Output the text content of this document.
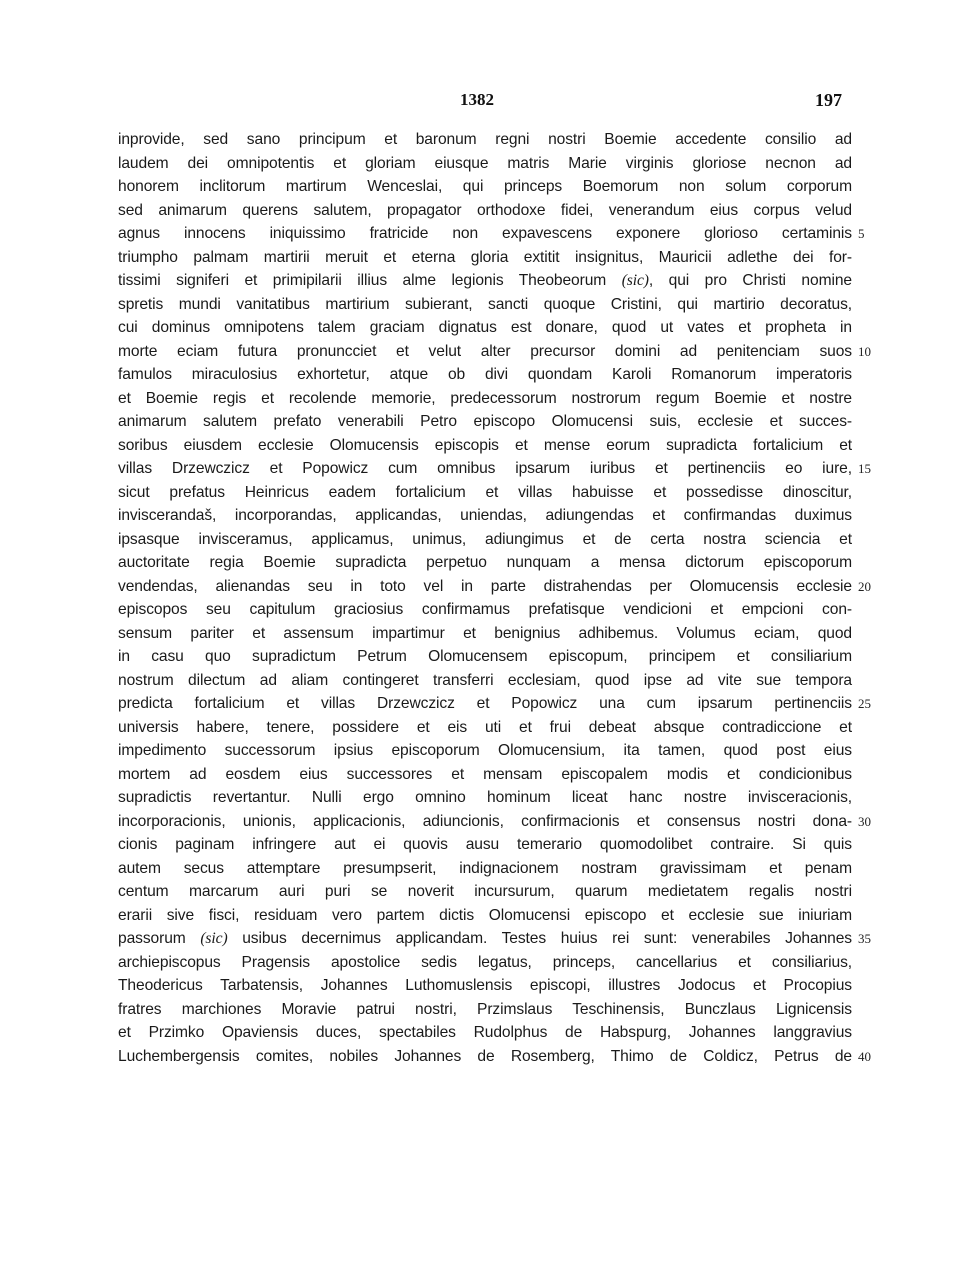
1382	197
inprovide, sed sano principum et baronum regni nostri Boemie accedente consilio ad
laudem dei omnipotentis et gloriam eiusque matris Marie virginis gloriose necnon ad
honorem inclitorum martirum Wenceslai, qui princeps Boemorum non solum corporum
sed animarum querens salutem, propagator orthodoxe fidei, venerandum eius corpus velud
agnus innocens iniquissimo fratricide non expavescens exponere glorioso certaminis
triumpho palmam martirii meruit et eterna gloria extitit insignitus, Mauricii adlethe dei for-
tissimi signiferi et primipilarii illius alme legionis Theobeorum (sic), qui pro Christi nomine
spretis mundi vanitatibus martirium subierant, sancti quoque Cristini, qui martirio decoratus,
cui dominus omnipotens talem graciam dignatus est donare, quod ut vates et propheta in
morte eciam futura pronuncciet et velut alter precursor domini ad penitenciam suos
famulos miraculosius exhortetur, atque ob divi quondam Karoli Romanorum imperatoris
et Boemie regis et recolende memorie, predecessorum nostrorum regum Boemie et nostre
animarum salutem prefato venerabili Petro episcopo Olomucensi suis, ecclesie et succes-
soribus eiusdem ecclesie Olomucensis episcopis et mense eorum supradicta fortalicium et
villas Drzewczicz et Popowicz cum omnibus ipsarum iuribus et pertinenciis eo iure,
sicut prefatus Heinricus eadem fortalicium et villas habuisse et possedisse dinoscitur,
inviscerandaš, incorporandas, applicandas, uniendas, adiungendas et confirmandas duximus
ipsasque invisceramus, applicamus, unimus, adiungimus et de certa nostra sciencia et
auctoritate regia Boemie supradicta perpetuo nunquam a mensa dictorum episcoporum
vendendas, alienandas seu in toto vel in parte distrahendas per Olomucensis ecclesie
episcopos seu capitulum graciosius confirmamus prefatisque vendicioni et empcioni con-
sensum pariter et assensum impartimur et benignius adhibemus. Volumus eciam, quod
in casu quo supradictum Petrum Olomucensem episcopum, principem et consiliarium
nostrum dilectum ad aliam contingeret transferri ecclesiam, quod ipse ad vite sue tempora
predicta fortalicium et villas Drzewczicz et Popowicz una cum ipsarum pertinenciis
universis habere, tenere, possidere et eis uti et frui debeat absque contradiccione et
impedimento successorum ipsius episcoporum Olomucensium, ita tamen, quod post eius
mortem ad eosdem eius successores et mensam episcopalem modis et condicionibus
supradictis revertantur. Nulli ergo omnino hominum liceat hanc nostre invisceracionis,
incorporacionis, unionis, applicacionis, adiuncionis, confirmacionis et consensus nostri dona-
cionis paginam infringere aut ei quovis ausu temerario quomodolibet contraire. Si quis
autem secus attemptare presumpserit, indignacionem nostram gravissimam et penam
centum marcarum auri puri se noverit incursurum, quarum medietatem regalis nostri
erarii sive fisci, residuam vero partem dictis Olomucensi episcopo et ecclesie sue iniuriam
passorum (sic) usibus decernimus applicandam. Testes huius rei sunt: venerabiles Johannes
archiepiscopus Pragensis apostolice sedis legatus, princeps, cancellarius et consiliarius,
Theodericus Tarbatensis, Johannes Luthomuslensis episcopi, illustres Jodocus et Procopius
fratres marchiones Moravie patrui nostri, Przimslaus Teschinensis, Bunczlaus Lignicensis
et Przimko Opaviensis duces, spectabiles Rudolphus de Habspurg, Johannes langgravius
Luchembergensis comites, nobiles Johannes de Rosemberg, Thimo de Coldicz, Petrus de
5
10
15
20
25
30
35
40
